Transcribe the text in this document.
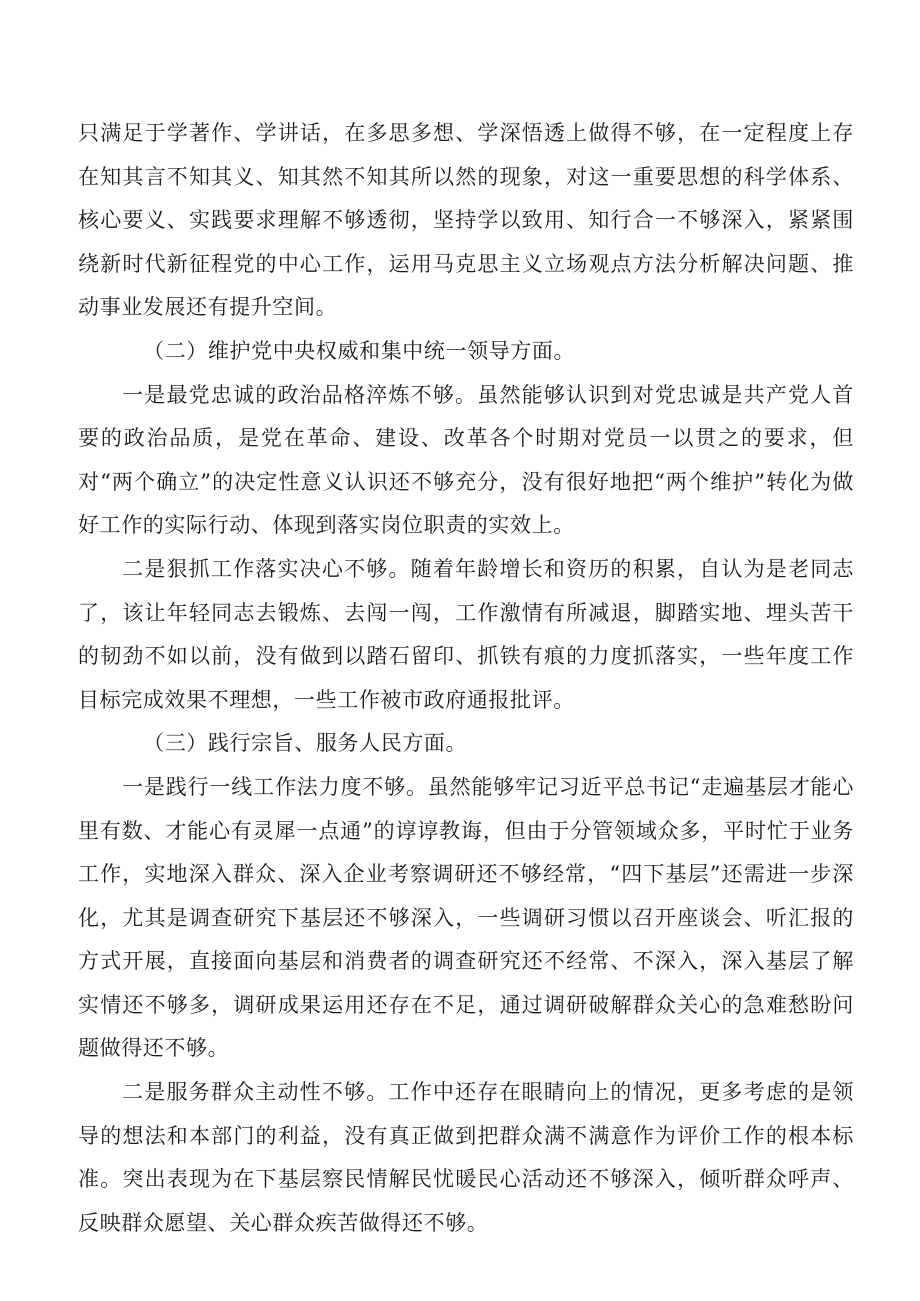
只满足于学著作、学讲话，在多思多想、学深悟透上做得不够，在一定程度上存在知其言不知其义、知其然不知其所以然的现象，对这一重要思想的科学体系、核心要义、实践要求理解不够透彻，坚持学以致用、知行合一不够深入，紧紧围绕新时代新征程党的中心工作，运用马克思主义立场观点方法分析解决问题、推动事业发展还有提升空间。

（二）维护党中央权威和集中统一领导方面。

一是最党忠诚的政治品格淬炼不够。虽然能够认识到对党忠诚是共产党人首要的政治品质，是党在革命、建设、改革各个时期对党员一以贯之的要求，但对“两个确立”的决定性意义认识还不够充分，没有很好地把“两个维护”转化为做好工作的实际行动、体现到落实岗位职责的实效上。

二是狠抓工作落实决心不够。随着年龄增长和资历的积累，自认为是老同志了，该让年轻同志去锻炼、去闯一闯，工作激情有所减退，脚踏实地、埋头苦干的韧劲不如以前，没有做到以踏石留印、抓铁有痕的力度抓落实，一些年度工作目标完成效果不理想，一些工作被市政府通报批评。

（三）践行宗旨、服务人民方面。

一是践行一线工作法力度不够。虽然能够牢记习近平总书记“走遍基层才能心里有数、才能心有灵犀一点通”的谆谆教诲，但由于分管领域众多，平时忙于业务工作，实地深入群众、深入企业考察调研还不够经常，“四下基层”还需进一步深化，尤其是调查研究下基层还不够深入，一些调研习惯以召开座谈会、听汇报的方式开展，直接面向基层和消费者的调查研究还不经常、不深入，深入基层了解实情还不够多，调研成果运用还存在不足，通过调研破解群众关心的急难愁盼问题做得还不够。

二是服务群众主动性不够。工作中还存在眼睛向上的情况，更多考虑的是领导的想法和本部门的利益，没有真正做到把群众满不满意作为评价工作的根本标准。突出表现为在下基层察民情解民忧暖民心活动还不够深入，倾听群众呼声、反映群众愿望、关心群众疾苦做得还不够。
